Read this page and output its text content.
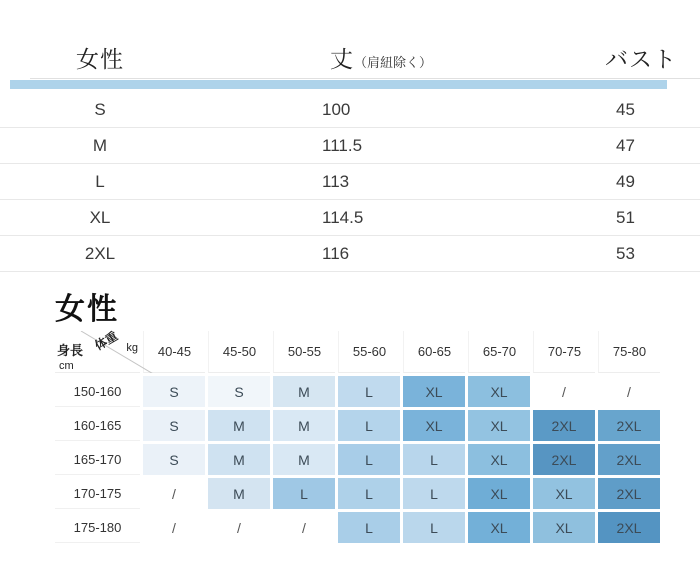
女性	丈（肩紐除く）	バスト
S	100	45
M	111.5	47
L	113	49
XL	114.5	51
2XL	116	53
女性
体重 kg
身長
cm
40-45	45-50	50-55	55-60	60-65	65-70	70-75	75-80
150-160	S	S	M	L	XL	XL	/	/
160-165	S	M	M	L	XL	XL	2XL	2XL
165-170	S	M	M	L	L	XL	2XL	2XL
170-175	/	M	L	L	L	XL	XL	2XL
175-180	/	/	/	L	L	XL	XL	2XL
